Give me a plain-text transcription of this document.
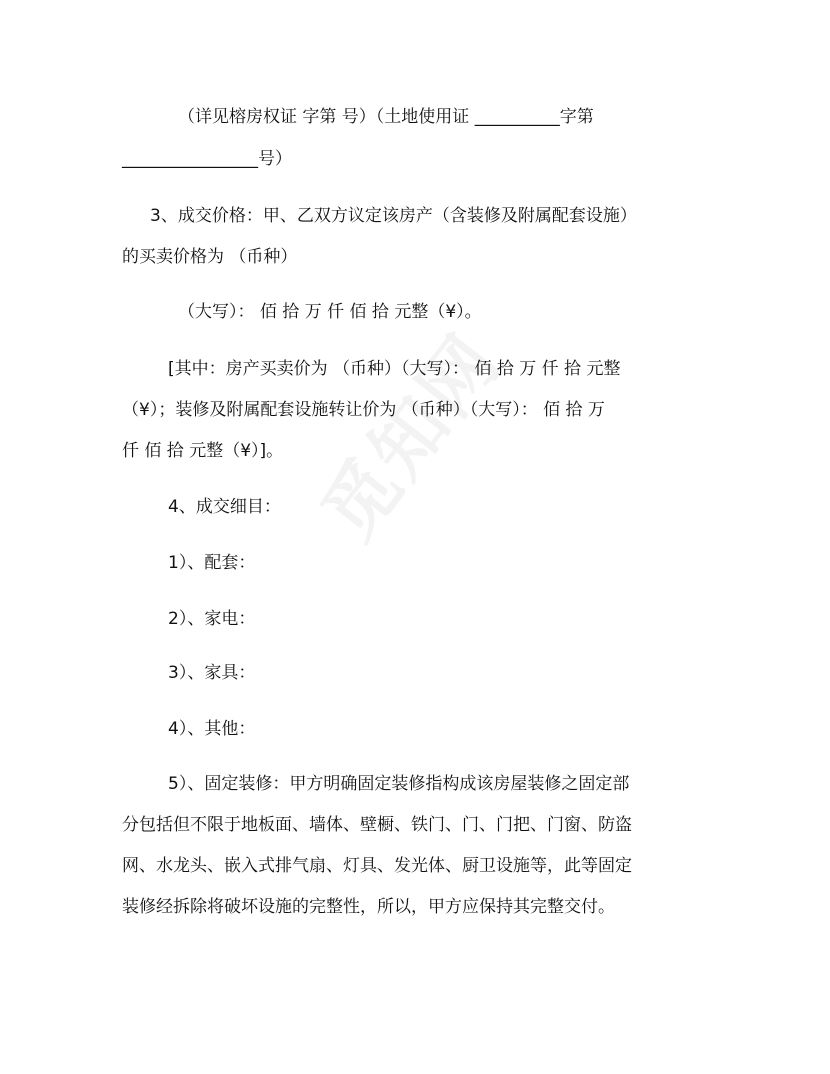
（详见榕房权证 字第 号）（土地使用证 __________字第
________________号）
3、成交价格：甲、乙双方议定该房产（含装修及附属配套设施）
的买卖价格为 （币种）
（大写）： 佰 拾 万 仟 佰 拾 元整（¥）。
[其中：房产买卖价为 （币种）（大写）： 佰 拾 万 仟 拾 元整
（¥）；装修及附属配套设施转让价为 （币种）（大写）： 佰 拾 万
仟 佰 拾 元整（¥）]。
4、成交细目：
1）、配套：
2）、家电：
3）、家具：
4）、其他：
5）、固定装修：甲方明确固定装修指构成该房屋装修之固定部
分包括但不限于地板面、墙体、壁橱、铁门、门、门把、门窗、防盗
网、水龙头、嵌入式排气扇、灯具、发光体、厨卫设施等，此等固定
装修经拆除将破坏设施的完整性，所以，甲方应保持其完整交付。
